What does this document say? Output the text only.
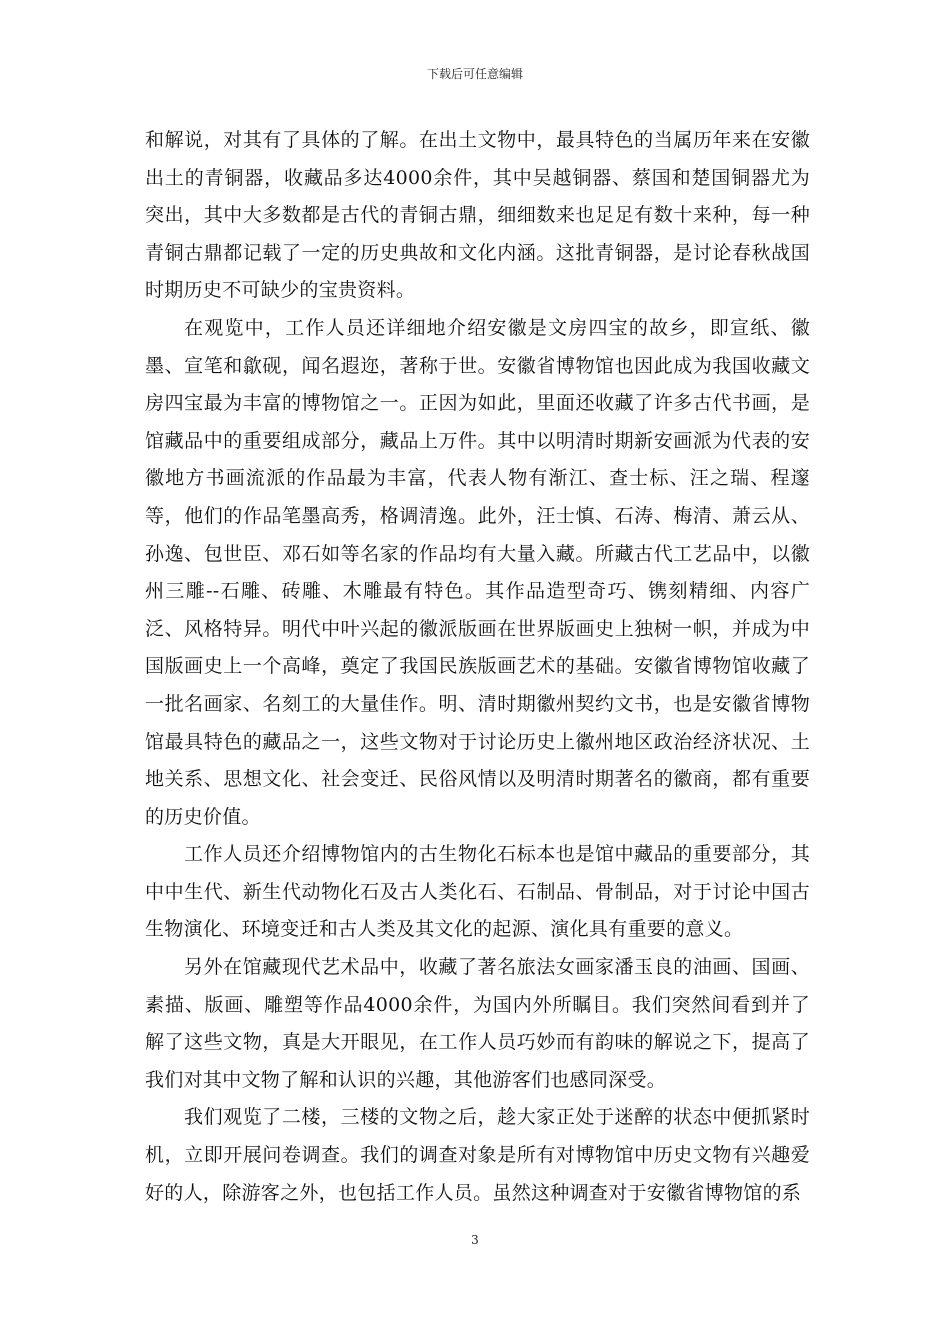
下载后可任意编辑

和解说，对其有了具体的了解。在出土文物中，最具特色的当属历年来在安徽出土的青铜器，收藏品多达4000余件，其中吴越铜器、蔡国和楚国铜器尤为突出，其中大多数都是古代的青铜古鼎，细细数来也足足有数十来种，每一种青铜古鼎都记载了一定的历史典故和文化内涵。这批青铜器，是讨论春秋战国时期历史不可缺少的宝贵资料。

在观览中，工作人员还详细地介绍安徽是文房四宝的故乡，即宣纸、徽墨、宣笔和歙砚，闻名遐迩，著称于世。安徽省博物馆也因此成为我国收藏文房四宝最为丰富的博物馆之一。正因为如此，里面还收藏了许多古代书画，是馆藏品中的重要组成部分，藏品上万件。其中以明清时期新安画派为代表的安徽地方书画流派的作品最为丰富，代表人物有渐江、查士标、汪之瑞、程邃等，他们的作品笔墨高秀，格调清逸。此外，汪士慎、石涛、梅清、萧云从、孙逸、包世臣、邓石如等名家的作品均有大量入藏。所藏古代工艺品中，以徽州三雕--石雕、砖雕、木雕最有特色。其作品造型奇巧、镌刻精细、内容广泛、风格特异。明代中叶兴起的徽派版画在世界版画史上独树一帜，并成为中国版画史上一个高峰，奠定了我国民族版画艺术的基础。安徽省博物馆收藏了一批名画家、名刻工的大量佳作。明、清时期徽州契约文书，也是安徽省博物馆最具特色的藏品之一，这些文物对于讨论历史上徽州地区政治经济状况、土地关系、思想文化、社会变迁、民俗风情以及明清时期著名的徽商，都有重要的历史价值。

工作人员还介绍博物馆内的古生物化石标本也是馆中藏品的重要部分，其中中生代、新生代动物化石及古人类化石、石制品、骨制品，对于讨论中国古生物演化、环境变迁和古人类及其文化的起源、演化具有重要的意义。

另外在馆藏现代艺术品中，收藏了著名旅法女画家潘玉良的油画、国画、素描、版画、雕塑等作品4000余件，为国内外所瞩目。我们突然间看到并了解了这些文物，真是大开眼见，在工作人员巧妙而有韵味的解说之下，提高了我们对其中文物了解和认识的兴趣，其他游客们也感同深受。

我们观览了二楼，三楼的文物之后，趁大家正处于迷醉的状态中便抓紧时机，立即开展问卷调查。我们的调查对象是所有对博物馆中历史文物有兴趣爱好的人，除游客之外，也包括工作人员。虽然这种调查对于安徽省博物馆的系

3
